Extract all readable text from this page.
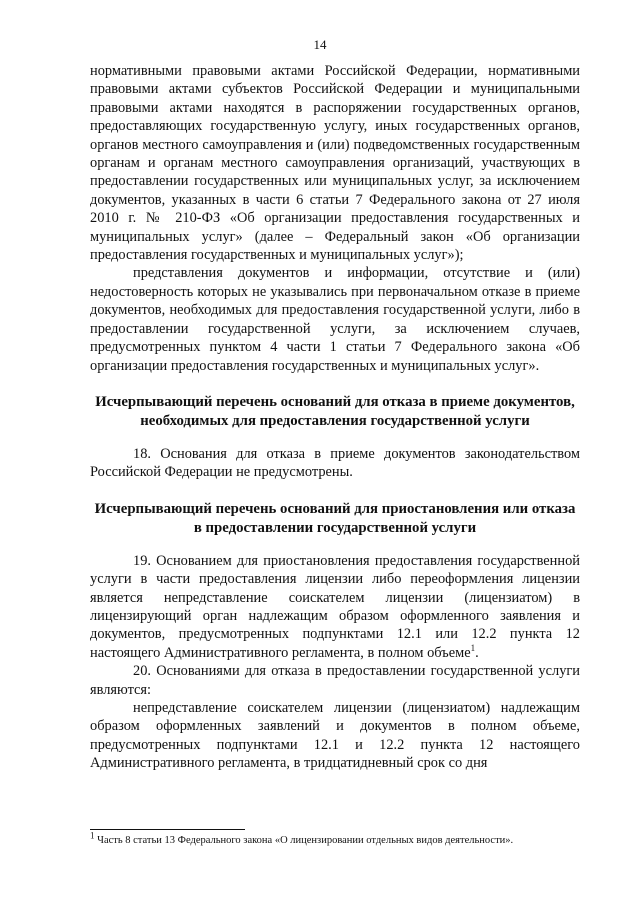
14

нормативными правовыми актами Российской Федерации, нормативными правовыми актами субъектов Российской Федерации и муниципальными правовыми актами находятся в распоряжении государственных органов, предоставляющих государственную услугу, иных государственных органов, органов местного самоуправления и (или) подведомственных государственным органам и органам местного самоуправления организаций, участвующих в предоставлении государственных или муниципальных услуг, за исключением документов, указанных в части 6 статьи 7 Федерального закона от 27 июля 2010 г. № 210-ФЗ «Об организации предоставления государственных и муниципальных услуг» (далее – Федеральный закон «Об организации предоставления государственных и муниципальных услуг»);

представления документов и информации, отсутствие и (или) недостоверность которых не указывались при первоначальном отказе в приеме документов, необходимых для предоставления государственной услуги, либо в предоставлении государственной услуги, за исключением случаев, предусмотренных пунктом 4 части 1 статьи 7 Федерального закона «Об организации предоставления государственных и муниципальных услуг».

Исчерпывающий перечень оснований для отказа в приеме документов, необходимых для предоставления государственной услуги

18. Основания для отказа в приеме документов законодательством Российской Федерации не предусмотрены.

Исчерпывающий перечень оснований для приостановления или отказа в предоставлении государственной услуги

19. Основанием для приостановления предоставления государственной услуги в части предоставления лицензии либо переоформления лицензии является непредставление соискателем лицензии (лицензиатом) в лицензирующий орган надлежащим образом оформленного заявления и документов, предусмотренных подпунктами 12.1 или 12.2 пункта 12 настоящего Административного регламента, в полном объеме$^1$.

20. Основаниями для отказа в предоставлении государственной услуги являются:

непредставление соискателем лицензии (лицензиатом) надлежащим образом оформленных заявлений и документов в полном объеме, предусмотренных подпунктами 12.1 и 12.2 пункта 12 настоящего Административного регламента, в тридцатидневный срок со дня

$^1$ Часть 8 статьи 13 Федерального закона «О лицензировании отдельных видов деятельности».
